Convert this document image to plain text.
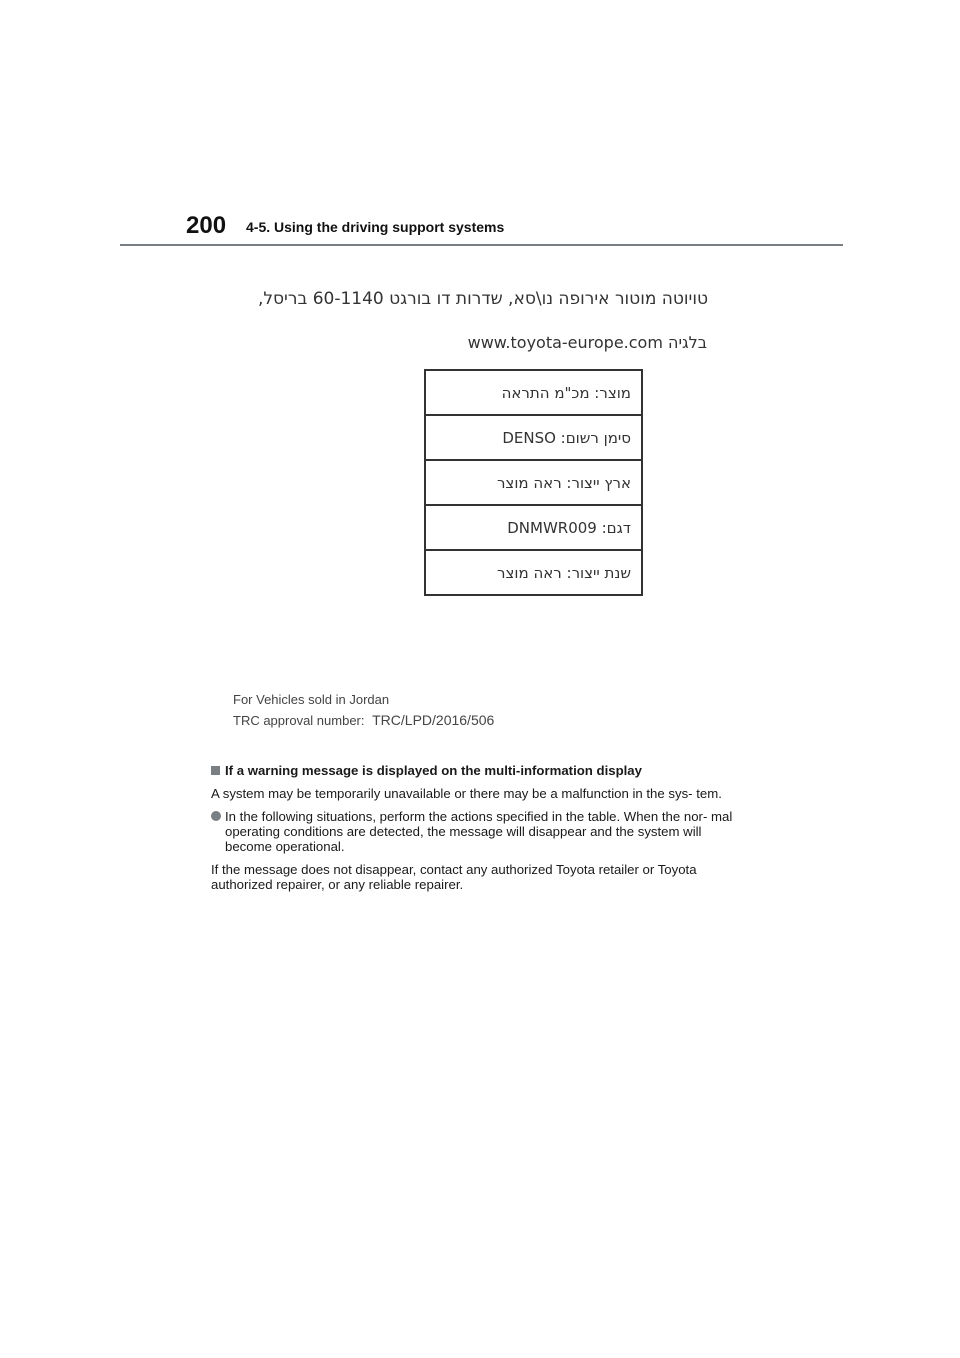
200 4-5. Using the driving support systems
טויוטה מוטור אירופה נו\סא, שדרות דו בורגט 60-1140 בריסל,
בלגיה www.toyota-europe.com
מוצר: מכ"מ התראה
סימן רשום: DENSO
ארץ ייצור: ראה מוצר
דגם: DNMWR009
שנת ייצור: ראה מוצר
For Vehicles sold in Jordan
TRC approval number: TRC/LPD/2016/506

If a warning message is displayed on the multi-information display

A system may be temporarily unavailable or there may be a malfunction in the sys- tem.

In the following situations, perform the actions specified in the table. When the nor- mal operating conditions are detected, the message will disappear and the system will become operational.

If the message does not disappear, contact any authorized Toyota retailer or Toyota authorized repairer, or any reliable repairer.
